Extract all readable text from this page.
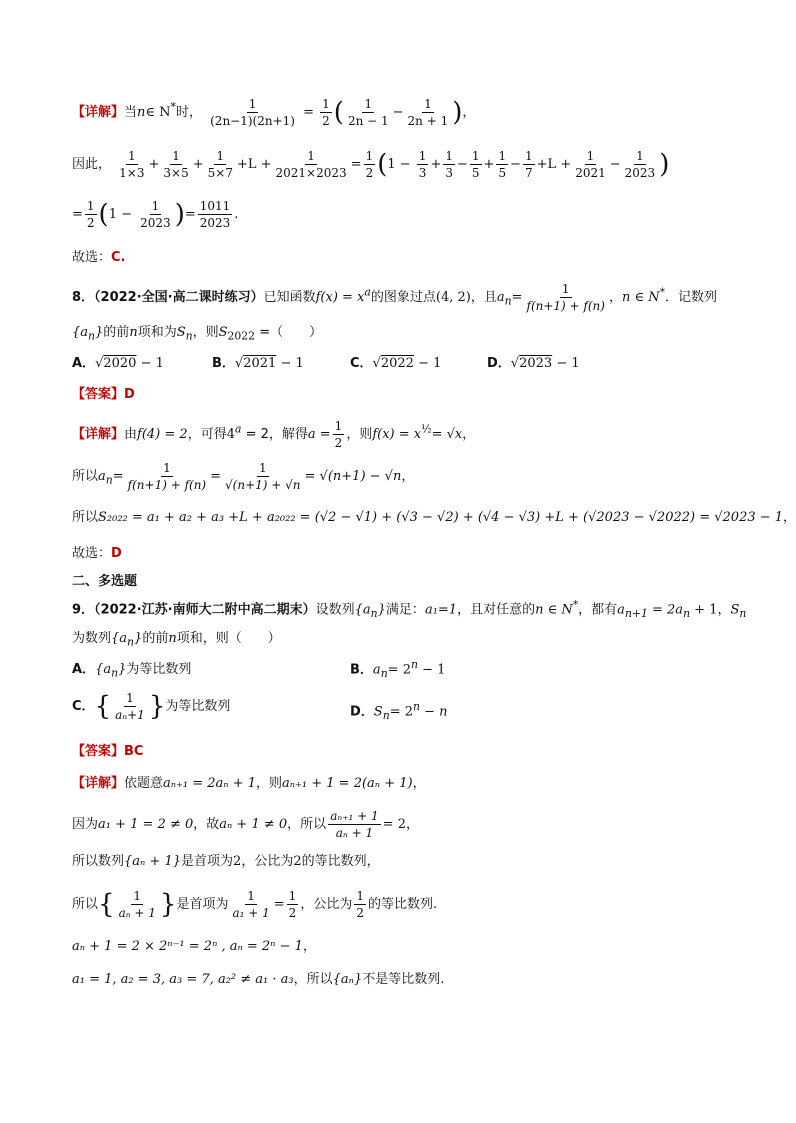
【详解】当n∈ N*时， $\frac{1}{(2n-1)(2n+1)} = \frac{1}{2}$ ( $\frac{1}{2n - 1} - \frac{1}{2n + 1}$ )，
因此， $\frac{1}{1\times 3} + \frac{1}{3\times 5} + \frac{1}{5\times 7} +L + \frac{1}{2021\times 2023} = \frac{1}{2} (1 - \frac{1}{3} + \frac{1}{3} - \frac{1}{5} + \frac{1}{5} - \frac{1}{7} +L + \frac{1}{2021} - \frac{1}{2023}$ )
= $\frac{1}{2} (1 - \frac{1}{2023}$ )= $\frac{1011}{2023}$ .
故选：C.
8．（2022·全国·高二课时练习）已知函数$f(x) = x^a$的图象过点(4, 2)，且$a_n= \frac{1}{f(n+1) + f(n)}$ ，n ∈ N*．记数列
$\{a_n\}$的前n项和为$S_n$，则$S_{2022}$ =（　　）
A．√2020 − 1	B．√2021 − 1	C．√2022 − 1	D．√2023 − 1
【答案】D
【详解】由f(4) = 2，可得$4^a = 2$，解得$a = \frac{1}{2}$ ，则$f(x) = x^{\frac{1}{2}}= √x$，
所以$a_n= \frac{1}{f(n+1) + f(n)} = \frac{1}{√(n+1) + √n} = √(n+1) - √n$，
所以S₂₀₂₂ = a₁ + a₂ + a₃ +L + a₂₀₂₂ = (√2 − √1) + (√3 − √2) + (√4 − √3) +L + (√2023 − √2022) = √2023 − 1，
故选：D
二、多选题
9．（2022·江苏·南师大二附中高二期末）设数列$\{a_n\}$满足：a₁=1，且对任意的n ∈ N*，都有$a_{n+1} = 2a_n + 1$，$S_n$
为数列$\{a_n\}$的前n项和，则（　　）
A．$\{a_n\}$为等比数列	B．$a_n= 2^n - 1$
C．{ $\frac{1}{\text{aₙ+1}}$ }为等比数列	D．$S_n= 2^n - n$
【答案】BC
【详解】依题意aₙ₊₁ = 2aₙ + 1，则aₙ₊₁ + 1 = 2(aₙ + 1)，
因为a₁ + 1 = 2 ≠ 0，故aₙ + 1 ≠ 0，所以 $\frac{\text{aₙ₊₁ + 1}}{\text{aₙ + 1}} = 2$，
所以数列{aₙ + 1}是首项为2，公比为2的等比数列，
所以{ $\frac{1}{\text{aₙ + 1}}$ }是首项为 $\frac{1}{\text{a₁ + 1}} = \frac{1}{2}$ ，公比为 $\frac{1}{2}$ 的等比数列.
aₙ + 1 = 2 × 2ⁿ⁻¹ = 2ⁿ , aₙ = 2ⁿ − 1，
a₁ = 1, a₂ = 3, a₃ = 7, a₂² ≠ a₁ · a₃，所以{aₙ}不是等比数列.
